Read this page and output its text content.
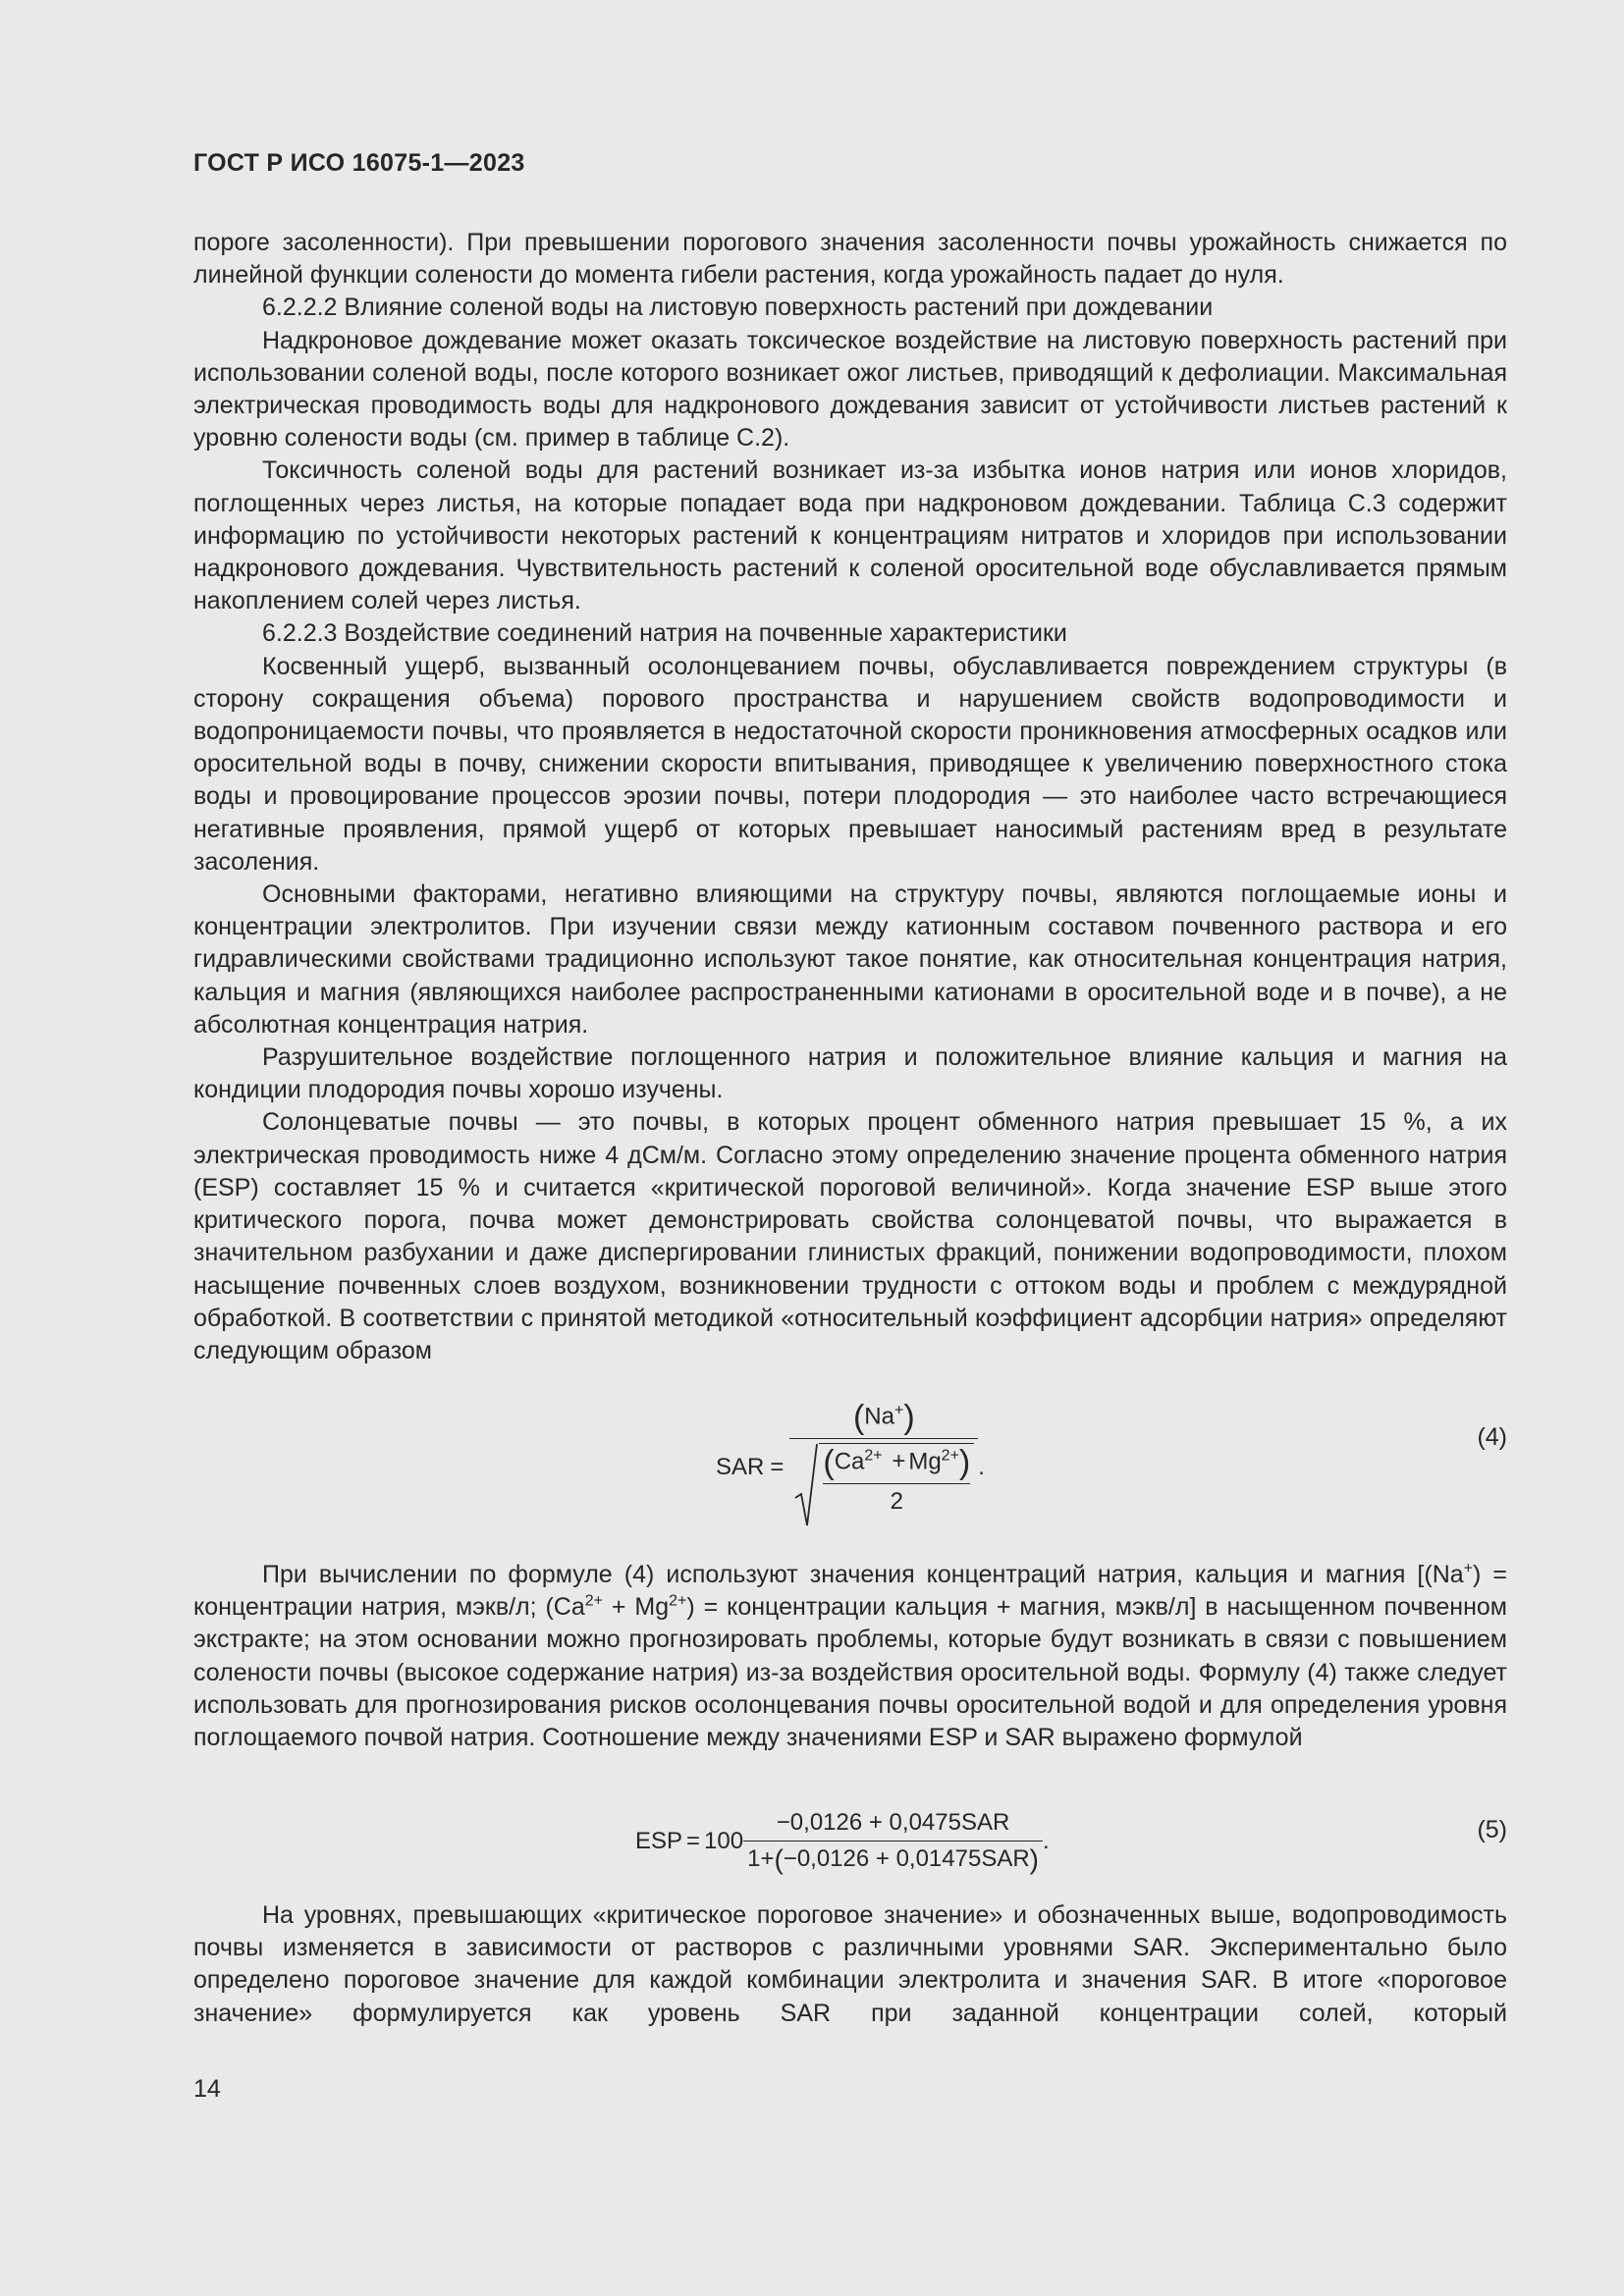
ГОСТ Р ИСО 16075-1—2023

пороге засоленности). При превышении порогового значения засоленности почвы урожайность снижается по линейной функции солености до момента гибели растения, когда урожайность падает до нуля.

6.2.2.2 Влияние соленой воды на листовую поверхность растений при дождевании

Надкроновое дождевание может оказать токсическое воздействие на листовую поверхность растений при использовании соленой воды, после которого возникает ожог листьев, приводящий к дефолиации. Максимальная электрическая проводимость воды для надкронового дождевания зависит от устойчивости листьев растений к уровню солености воды (см. пример в таблице С.2).

Токсичность соленой воды для растений возникает из-за избытка ионов натрия или ионов хлоридов, поглощенных через листья, на которые попадает вода при надкроновом дождевании. Таблица С.3 содержит информацию по устойчивости некоторых растений к концентрациям нитратов и хлоридов при использовании надкронового дождевания. Чувствительность растений к соленой оросительной воде обуславливается прямым накоплением солей через листья.

6.2.2.3 Воздействие соединений натрия на почвенные характеристики

Косвенный ущерб, вызванный осолонцеванием почвы, обуславливается повреждением структуры (в сторону сокращения объема) порового пространства и нарушением свойств водопроводимости и водопроницаемости почвы, что проявляется в недостаточной скорости проникновения атмосферных осадков или оросительной воды в почву, снижении скорости впитывания, приводящее к увеличению поверхностного стока воды и провоцирование процессов эрозии почвы, потери плодородия — это наиболее часто встречающиеся негативные проявления, прямой ущерб от которых превышает наносимый растениям вред в результате засоления.

Основными факторами, негативно влияющими на структуру почвы, являются поглощаемые ионы и концентрации электролитов. При изучении связи между катионным составом почвенного раствора и его гидравлическими свойствами традиционно используют такое понятие, как относительная концентрация натрия, кальция и магния (являющихся наиболее распространенными катионами в оросительной воде и в почве), а не абсолютная концентрация натрия.

Разрушительное воздействие поглощенного натрия и положительное влияние кальция и магния на кондиции плодородия почвы хорошо изучены.

Солонцеватые почвы — это почвы, в которых процент обменного натрия превышает 15 %, а их электрическая проводимость ниже 4 дСм/м. Согласно этому определению значение процента обменного натрия (ESP) составляет 15 % и считается «критической пороговой величиной». Когда значение ESP выше этого критического порога, почва может демонстрировать свойства солонцеватой почвы, что выражается в значительном разбухании и даже диспергировании глинистых фракций, понижении водопроводимости, плохом насыщение почвенных слоев воздухом, возникновении трудности с оттоком воды и проблем с междурядной обработкой. В соответствии с принятой методикой «относительный коэффициент адсорбции натрия» определяют следующим образом

SAR = $\frac{(Na^+)}{\frac{(Ca^{2+} + Mg^{2+})}{2}}$ .
(4)

При вычислении по формуле (4) используют значения концентраций натрия, кальция и магния [(Na+) = концентрации натрия, мэкв/л; $(Ca^{2+} + Mg^{2+})$ = концентрации кальция + магния, мэкв/л] в насыщенном почвенном экстракте; на этом основании можно прогнозировать проблемы, которые будут возникать в связи с повышением солености почвы (высокое содержание натрия) из-за воздействия оросительной воды. Формулу (4) также следует использовать для прогнозирования рисков осолонцевания почвы оросительной водой и для определения уровня поглощаемого почвой натрия. Соотношение между значениями ESP и SAR выражено формулой

ESP = $100 \frac{\text{−0,0126 + 0,0475SAR}}{\text{1+(−0,0126 + 0,01475SAR)}}$ .	(5)

На уровнях, превышающих «критическое пороговое значение» и обозначенных выше, водопроводимость почвы изменяется в зависимости от растворов с различными уровнями SAR. Экспериментально было определено пороговое значение для каждой комбинации электролита и значения SAR. В итоге «пороговое значение» формулируется как уровень SAR при заданной концентрации солей, который

14
